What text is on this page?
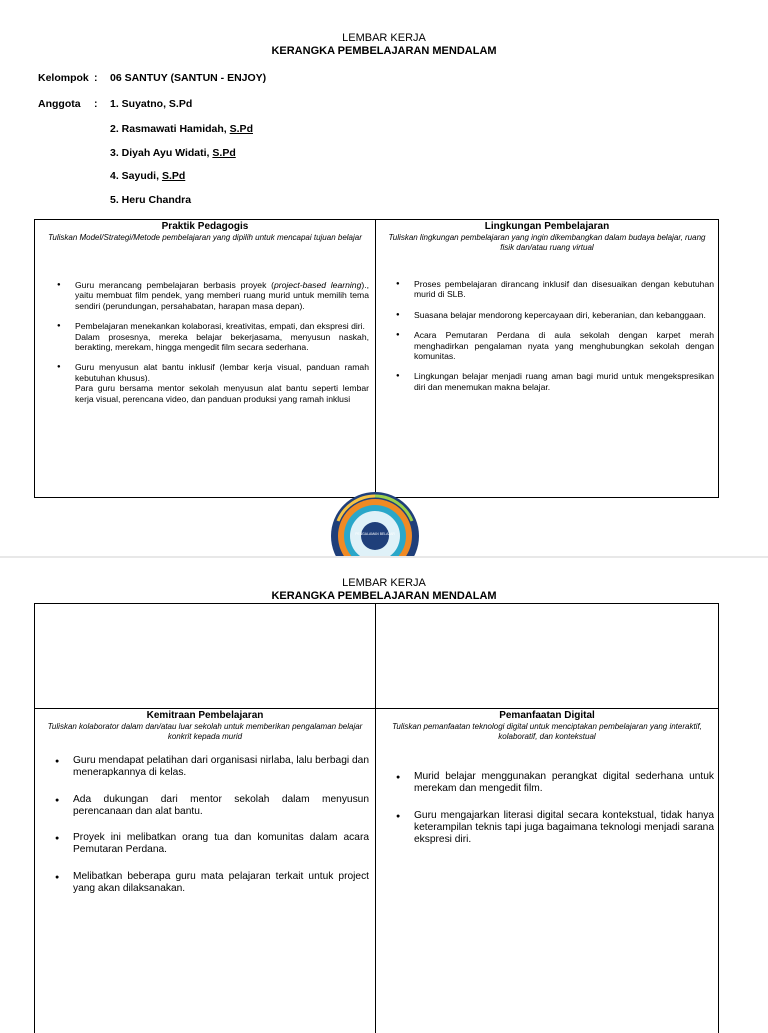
LEMBAR KERJA
KERANGKA PEMBELAJARAN MENDALAM
Kelompok : 06 SANTUY (SANTUN - ENJOY)
Anggota : 1. Suyatno, S.Pd
2. Rasmawati Hamidah, S.Pd
3. Diyah Ayu Widati, S.Pd
4. Sayudi, S.Pd
5. Heru Chandra
Praktik Pedagogis
Tuliskan Model/Strategi/Metode pembelajaran yang dipilih untuk mencapai tujuan belajar
● Guru merancang pembelajaran berbasis proyek (project-based learning)., yaitu membuat film pendek, yang memberi ruang murid untuk memilih tema sendiri (perundungan, persahabatan, harapan masa depan).
● Pembelajaran menekankan kolaborasi, kreativitas, empati, dan ekspresi diri.
Dalam prosesnya, mereka belajar bekerjasama, menyusun naskah, berakting, merekam, hingga mengedit film secara sederhana.
● Guru menyusun alat bantu inklusif (lembar kerja visual, panduan ramah kebutuhan khusus).
Para guru bersama mentor sekolah menyusun alat bantu seperti lembar kerja visual, perencana video, dan panduan produksi yang ramah inklusi
Lingkungan Pembelajaran
Tuliskan lingkungan pembelajaran yang ingin dikembangkan dalam budaya belajar, ruang fisik dan/atau ruang virtual
● Proses pembelajaran dirancang inklusif dan disesuaikan dengan kebutuhan murid di SLB.
● Suasana belajar mendorong kepercayaan diri, keberanian, dan kebanggaan.
● Acara Pemutaran Perdana di aula sekolah dengan karpet merah menghadirkan pengalaman nyata yang menghubungkan sekolah dengan komunitas.
● Lingkungan belajar menjadi ruang aman bagi murid untuk mengekspresikan diri dan menemukan makna belajar.
PENGALAMAN BELAJAR
LEMBAR KERJA
KERANGKA PEMBELAJARAN MENDALAM
Kemitraan Pembelajaran
Tuliskan kolaborator dalam dan/atau luar sekolah untuk memberikan pengalaman belajar konkrit kepada murid
● Guru mendapat pelatihan dari organisasi nirlaba, lalu berbagi dan menerapkannya di kelas.
● Ada dukungan dari mentor sekolah dalam menyusun perencanaan dan alat bantu.
● Proyek ini melibatkan orang tua dan komunitas dalam acara Pemutaran Perdana.
● Melibatkan beberapa guru mata pelajaran terkait untuk project yang akan dilaksanakan.
Pemanfaatan Digital
Tuliskan pemanfaatan teknologi digital untuk menciptakan pembelajaran yang interaktif, kolaboratif, dan kontekstual
● Murid belajar menggunakan perangkat digital sederhana untuk merekam dan mengedit film.
● Guru mengajarkan literasi digital secara kontekstual, tidak hanya keterampilan teknis tapi juga bagaimana teknologi menjadi sarana ekspresi diri.
